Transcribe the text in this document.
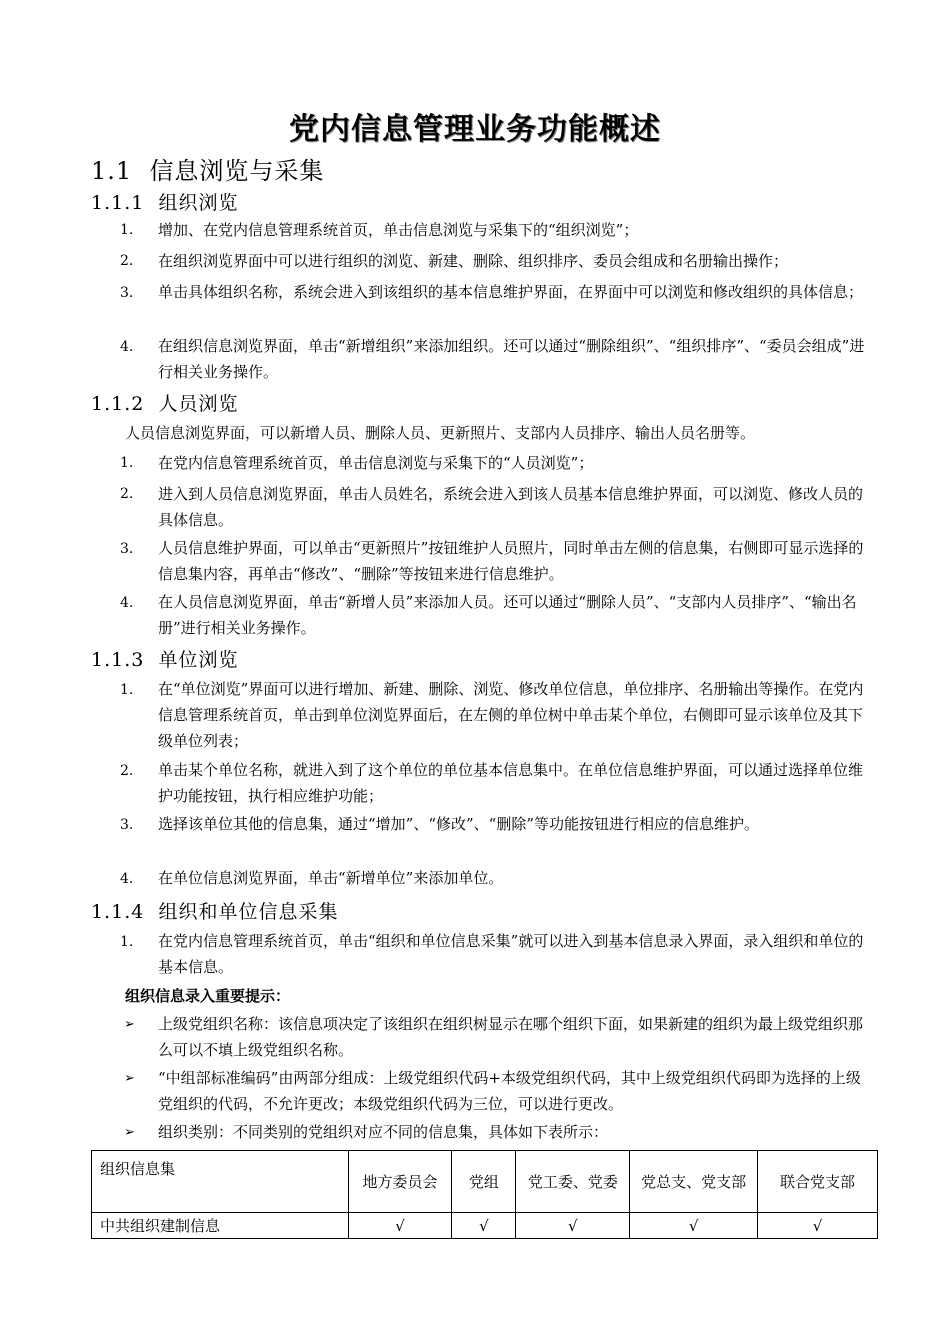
党内信息管理业务功能概述
1.1 信息浏览与采集
1.1.1 组织浏览
1.	增加、在党内信息管理系统首页，单击信息浏览与采集下的“组织浏览”；
2.	在组织浏览界面中可以进行组织的浏览、新建、删除、组织排序、委员会组成和名册输出操作；
3.	单击具体组织名称，系统会进入到该组织的基本信息维护界面，在界面中可以浏览和修改组织的具体信息；
4.	在组织信息浏览界面，单击“新增组织”来添加组织。还可以通过“删除组织”、“组织排序”、“委员会组成”进行相关业务操作。
1.1.2 人员浏览
人员信息浏览界面，可以新增人员、删除人员、更新照片、支部内人员排序、输出人员名册等。
1.	在党内信息管理系统首页，单击信息浏览与采集下的“人员浏览”；
2.	进入到人员信息浏览界面，单击人员姓名，系统会进入到该人员基本信息维护界面，可以浏览、修改人员的具体信息。
3.	人员信息维护界面，可以单击“更新照片”按钮维护人员照片，同时单击左侧的信息集，右侧即可显示选择的信息集内容，再单击“修改”、“删除”等按钮来进行信息维护。
4.	在人员信息浏览界面，单击“新增人员”来添加人员。还可以通过“删除人员”、“支部内人员排序”、“输出名册”进行相关业务操作。
1.1.3 单位浏览
1.	在“单位浏览”界面可以进行增加、新建、删除、浏览、修改单位信息，单位排序、名册输出等操作。在党内信息管理系统首页，单击到单位浏览界面后，在左侧的单位树中单击某个单位，右侧即可显示该单位及其下级单位列表；
2.	单击某个单位名称，就进入到了这个单位的单位基本信息集中。在单位信息维护界面，可以通过选择单位维护功能按钮，执行相应维护功能；
3.	选择该单位其他的信息集，通过“增加”、“修改”、“删除”等功能按钮进行相应的信息维护。
4.	在单位信息浏览界面，单击“新增单位”来添加单位。
1.1.4 组织和单位信息采集
1.	在党内信息管理系统首页，单击“组织和单位信息采集”就可以进入到基本信息录入界面，录入组织和单位的基本信息。
组织信息录入重要提示：
➢ 上级党组织名称：该信息项决定了该组织在组织树显示在哪个组织下面，如果新建的组织为最上级党组织那么可以不填上级党组织名称。
➢ “中组部标准编码”由两部分组成：上级党组织代码+本级党组织代码，其中上级党组织代码即为选择的上级党组织的代码，不允许更改；本级党组织代码为三位，可以进行更改。
➢ 组织类别：不同类别的党组织对应不同的信息集，具体如下表所示：
组织信息集	地方委员会	党组	党工委、党委	党总支、党支部	联合党支部
中共组织建制信息	√	√	√	√	√
